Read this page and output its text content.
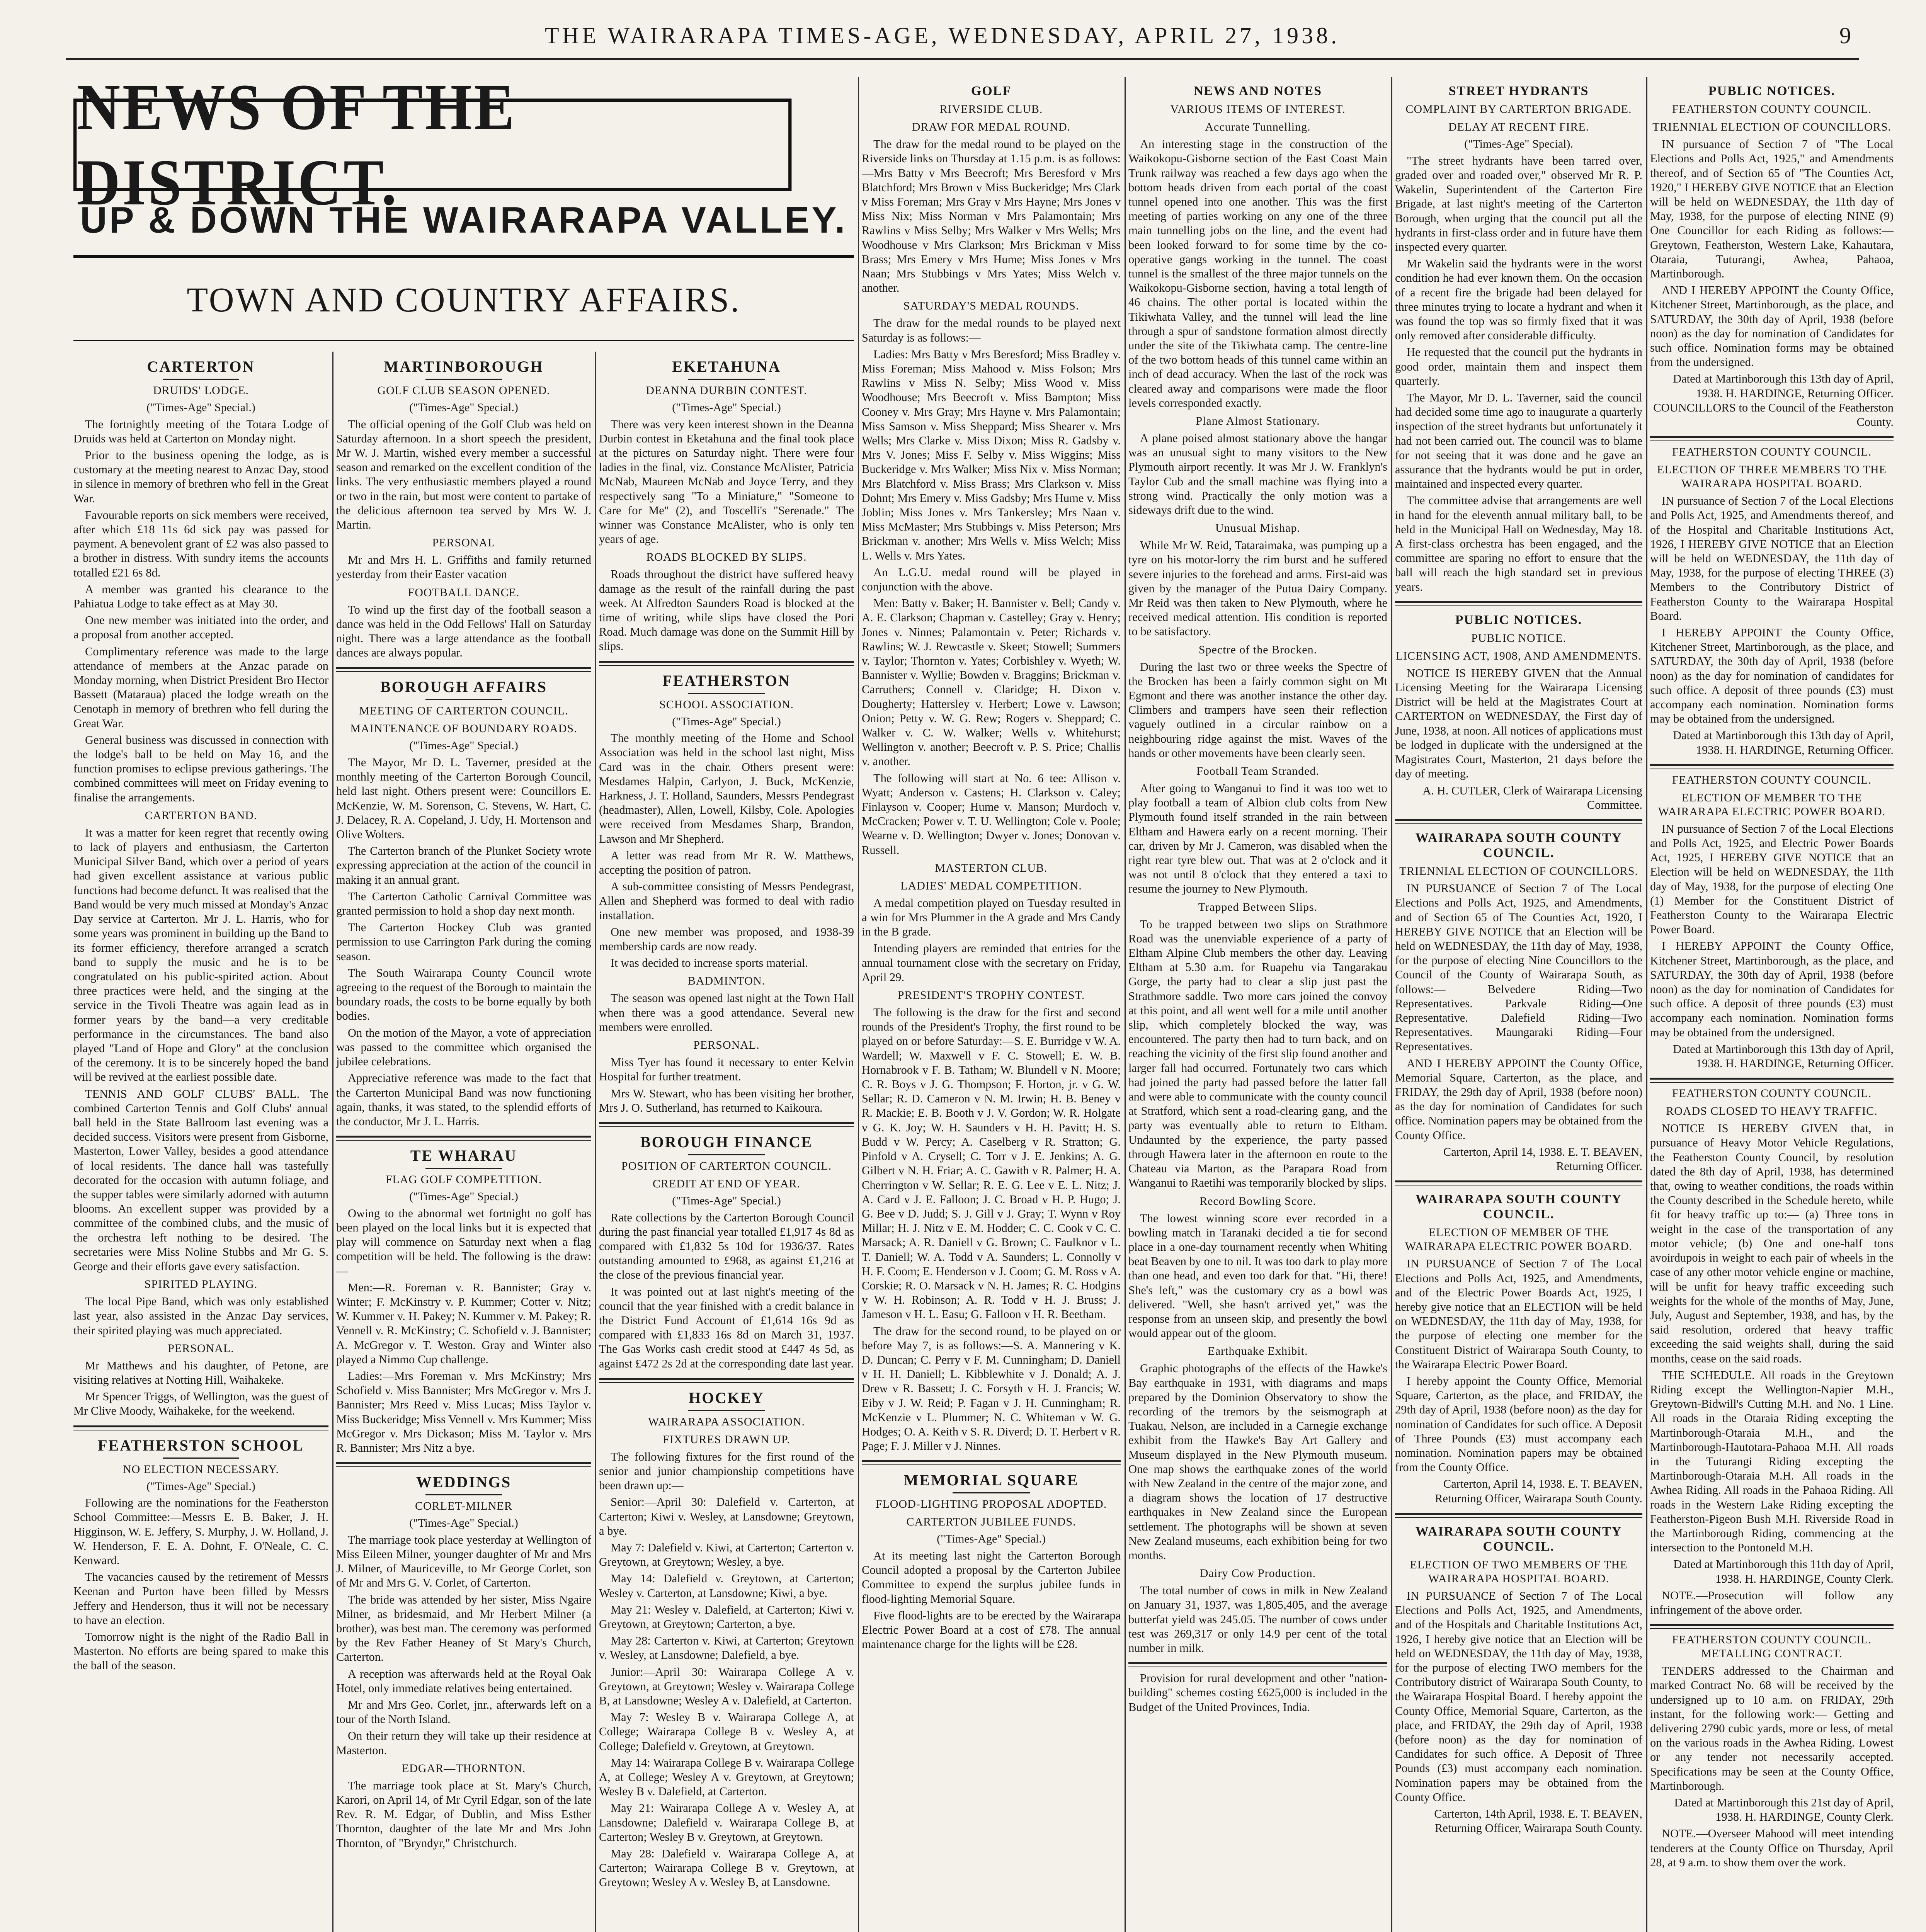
THE WAIRARAPA TIMES-AGE, WEDNESDAY, APRIL 27, 1938.	9
NEWS OF THE DISTRICT.
UP & DOWN THE WAIRARAPA VALLEY.
TOWN AND COUNTRY AFFAIRS.
CARTERTON
DRUIDS' LODGE.

("Times-Age" Special.)

The fortnightly meeting of the Totara Lodge of Druids was held at Carterton on Monday night.

Prior to the business opening the lodge, as is customary at the meeting nearest to Anzac Day, stood in silence in memory of brethren who fell in the Great War.

Favourable reports on sick members were received, after which £18 11s 6d sick pay was passed for payment. A benevolent grant of £2 was also passed to a brother in distress. With sundry items the accounts totalled £21 6s 8d.

A member was granted his clearance to the Pahiatua Lodge to take effect as at May 30.

One new member was initiated into the order, and a proposal from another accepted.

Complimentary reference was made to the large attendance of members at the Anzac parade on Monday morning, when District President Bro Hector Bassett (Mataraua) placed the lodge wreath on the Cenotaph in memory of brethren who fell during the Great War.

General business was discussed in connection with the lodge's ball to be held on May 16, and the function promises to eclipse previous gatherings. The combined committees will meet on Friday evening to finalise the arrangements.

CARTERTON BAND.

It was a matter for keen regret that recently owing to lack of players and enthusiasm, the Carterton Municipal Silver Band, which over a period of years had given excellent assistance at various public functions had become defunct. It was realised that the Band would be very much missed at Monday's Anzac Day service at Carterton. Mr J. L. Harris, who for some years was prominent in building up the Band to its former efficiency, therefore arranged a scratch band to supply the music and he is to be congratulated on his public-spirited action. About three practices were held, and the singing at the service in the Tivoli Theatre was again lead as in former years by the band—a very creditable performance in the circumstances. The band also played "Land of Hope and Glory" at the conclusion of the ceremony. It is to be sincerely hoped the band will be revived at the earliest possible date.

TENNIS AND GOLF CLUBS' BALL. The combined Carterton Tennis and Golf Clubs' annual ball held in the State Ballroom last evening was a decided success. Visitors were present from Gisborne, Masterton, Lower Valley, besides a good attendance of local residents. The dance hall was tastefully decorated for the occasion with autumn foliage, and the supper tables were similarly adorned with autumn blooms. An excellent supper was provided by a committee of the combined clubs, and the music of the orchestra left nothing to be desired. The secretaries were Miss Noline Stubbs and Mr G. S. George and their efforts gave every satisfaction.

SPIRITED PLAYING.

The local Pipe Band, which was only established last year, also assisted in the Anzac Day services, their spirited playing was much appreciated.

PERSONAL.

Mr Matthews and his daughter, of Petone, are visiting relatives at Notting Hill, Waihakeke.

Mr Spencer Triggs, of Wellington, was the guest of Mr Clive Moody, Waihakeke, for the weekend.

FEATHERSTON SCHOOL
NO ELECTION NECESSARY.

("Times-Age" Special.)

Following are the nominations for the Featherston School Committee:—Messrs E. B. Baker, J. H. Higginson, W. E. Jeffery, S. Murphy, J. W. Holland, J. W. Henderson, F. E. A. Dohnt, F. O'Neale, C. C. Kenward.

The vacancies caused by the retirement of Messrs Keenan and Purton have been filled by Messrs Jeffery and Henderson, thus it will not be necessary to have an election.

Tomorrow night is the night of the Radio Ball in Masterton. No efforts are being spared to make this the ball of the season.

MARTINBOROUGH
GOLF CLUB SEASON OPENED.

("Times-Age" Special.)

The official opening of the Golf Club was held on Saturday afternoon. In a short speech the president, Mr W. J. Martin, wished every member a successful season and remarked on the excellent condition of the links. The very enthusiastic members played a round or two in the rain, but most were content to partake of the delicious afternoon tea served by Mrs W. J. Martin.

PERSONAL

Mr and Mrs H. L. Griffiths and family returned yesterday from their Easter vacation

FOOTBALL DANCE.

To wind up the first day of the football season a dance was held in the Odd Fellows' Hall on Saturday night. There was a large attendance as the football dances are always popular.

BOROUGH AFFAIRS
MEETING OF CARTERTON COUNCIL.
MAINTENANCE OF BOUNDARY ROADS.

("Times-Age" Special.)

The Mayor, Mr D. L. Taverner, presided at the monthly meeting of the Carterton Borough Council, held last night. Others present were: Councillors E. McKenzie, W. M. Sorenson, C. Stevens, W. Hart, C. J. Delacey, R. A. Copeland, J. Udy, H. Mortenson and Olive Wolters.

The Carterton branch of the Plunket Society wrote expressing appreciation at the action of the council in making it an annual grant.

The Carterton Catholic Carnival Committee was granted permission to hold a shop day next month.

The Carterton Hockey Club was granted permission to use Carrington Park during the coming season.

The South Wairarapa County Council wrote agreeing to the request of the Borough to maintain the boundary roads, the costs to be borne equally by both bodies.

On the motion of the Mayor, a vote of appreciation was passed to the committee which organised the jubilee celebrations.

Appreciative reference was made to the fact that the Carterton Municipal Band was now functioning again, thanks, it was stated, to the splendid efforts of the conductor, Mr J. L. Harris.

TE WHARAU
FLAG GOLF COMPETITION.

("Times-Age" Special.)

Owing to the abnormal wet fortnight no golf has been played on the local links but it is expected that play will commence on Saturday next when a flag competition will be held. The following is the draw:—

Men:—R. Foreman v. R. Bannister; Gray v. Winter; F. McKinstry v. P. Kummer; Cotter v. Nitz; W. Kummer v. H. Pakey; N. Kummer v. M. Pakey; R. Vennell v. R. McKinstry; C. Schofield v. J. Bannister; A. McGregor v. T. Weston. Gray and Winter also played a Nimmo Cup challenge.

Ladies:—Mrs Foreman v. Mrs McKinstry; Mrs Schofield v. Miss Bannister; Mrs McGregor v. Mrs J. Bannister; Mrs Reed v. Miss Lucas; Miss Taylor v. Miss Buckeridge; Miss Vennell v. Mrs Kummer; Miss McGregor v. Mrs Dickason; Miss M. Taylor v. Mrs R. Bannister; Mrs Nitz a bye.

WEDDINGS
CORLET-MILNER

("Times-Age" Special.)

The marriage took place yesterday at Wellington of Miss Eileen Milner, younger daughter of Mr and Mrs J. Milner, of Mauriceville, to Mr George Corlet, son of Mr and Mrs G. V. Corlet, of Carterton.

The bride was attended by her sister, Miss Ngaire Milner, as bridesmaid, and Mr Herbert Milner (a brother), was best man. The ceremony was performed by the Rev Father Heaney of St Mary's Church, Carterton.

A reception was afterwards held at the Royal Oak Hotel, only immediate relatives being entertained.

Mr and Mrs Geo. Corlet, jnr., afterwards left on a tour of the North Island.

On their return they will take up their residence at Masterton.

EDGAR—THORNTON.

The marriage took place at St. Mary's Church, Karori, on April 14, of Mr Cyril Edgar, son of the late Rev. R. M. Edgar, of Dublin, and Miss Esther Thornton, daughter of the late Mr and Mrs John Thornton, of "Bryndyr," Christchurch.

EKETAHUNA
DEANNA DURBIN CONTEST.

("Times-Age" Special.)

There was very keen interest shown in the Deanna Durbin contest in Eketahuna and the final took place at the pictures on Saturday night. There were four ladies in the final, viz. Constance McAlister, Patricia McNab, Maureen McNab and Joyce Terry, and they respectively sang "To a Miniature," "Someone to Care for Me" (2), and Toscelli's "Serenade." The winner was Constance McAlister, who is only ten years of age.

ROADS BLOCKED BY SLIPS.

Roads throughout the district have suffered heavy damage as the result of the rainfall during the past week. At Alfredton Saunders Road is blocked at the time of writing, while slips have closed the Pori Road. Much damage was done on the Summit Hill by slips.

FEATHERSTON
SCHOOL ASSOCIATION.

("Times-Age" Special.)

The monthly meeting of the Home and School Association was held in the school last night, Miss Card was in the chair. Others present were: Mesdames Halpin, Carlyon, J. Buck, McKenzie, Harkness, J. T. Holland, Saunders, Messrs Pendegrast (headmaster), Allen, Lowell, Kilsby, Cole. Apologies were received from Mesdames Sharp, Brandon, Lawson and Mr Shepherd.

A letter was read from Mr R. W. Matthews, accepting the position of patron.

A sub-committee consisting of Messrs Pendegrast, Allen and Shepherd was formed to deal with radio installation.

One new member was proposed, and 1938-39 membership cards are now ready.

It was decided to increase sports material.

BADMINTON.

The season was opened last night at the Town Hall when there was a good attendance. Several new members were enrolled.

PERSONAL.

Miss Tyer has found it necessary to enter Kelvin Hospital for further treatment.

Mrs W. Stewart, who has been visiting her brother, Mrs J. O. Sutherland, has returned to Kaikoura.

BOROUGH FINANCE
POSITION OF CARTERTON COUNCIL.
CREDIT AT END OF YEAR.

("Times-Age" Special.)

Rate collections by the Carterton Borough Council during the past financial year totalled £1,917 4s 8d as compared with £1,832 5s 10d for 1936/37. Rates outstanding amounted to £968, as against £1,216 at the close of the previous financial year.

It was pointed out at last night's meeting of the council that the year finished with a credit balance in the District Fund Account of £1,614 16s 9d as compared with £1,833 16s 8d on March 31, 1937. The Gas Works cash credit stood at £447 4s 5d, as against £472 2s 2d at the corresponding date last year.

HOCKEY
WAIRARAPA ASSOCIATION.
FIXTURES DRAWN UP.

The following fixtures for the first round of the senior and junior championship competitions have been drawn up:—

Senior:—April 30: Dalefield v. Carterton, at Carterton; Kiwi v. Wesley, at Lansdowne; Greytown, a bye.

May 7: Dalefield v. Kiwi, at Carterton; Carterton v. Greytown, at Greytown; Wesley, a bye.

May 14: Dalefield v. Greytown, at Carterton; Wesley v. Carterton, at Lansdowne; Kiwi, a bye.

May 21: Wesley v. Dalefield, at Carterton; Kiwi v. Greytown, at Greytown; Carterton, a bye.

May 28: Carterton v. Kiwi, at Carterton; Greytown v. Wesley, at Lansdowne; Dalefield, a bye.

Junior:—April 30: Wairarapa College A v. Greytown, at Greytown; Wesley v. Wairarapa College B, at Lansdowne; Wesley A v. Dalefield, at Carterton.

May 7: Wesley B v. Wairarapa College A, at College; Wairarapa College B v. Wesley A, at College; Dalefield v. Greytown, at Greytown.

May 14: Wairarapa College B v. Wairarapa College A, at College; Wesley A v. Greytown, at Greytown; Wesley B v. Dalefield, at Carterton.

May 21: Wairarapa College A v. Wesley A, at Lansdowne; Dalefield v. Wairarapa College B, at Carterton; Wesley B v. Greytown, at Greytown.

May 28: Dalefield v. Wairarapa College A, at Carterton; Wairarapa College B v. Greytown, at Greytown; Wesley A v. Wesley B, at Lansdowne.

GOLF
RIVERSIDE CLUB.
DRAW FOR MEDAL ROUND.

The draw for the medal round to be played on the Riverside links on Thursday at 1.15 p.m. is as follows:—Mrs Batty v Mrs Beecroft; Mrs Beresford v Mrs Blatchford; Mrs Brown v Miss Buckeridge; Mrs Clark v Miss Foreman; Mrs Gray v Mrs Hayne; Mrs Jones v Miss Nix; Miss Norman v Mrs Palamontain; Mrs Rawlins v Miss Selby; Mrs Walker v Mrs Wells; Mrs Woodhouse v Mrs Clarkson; Mrs Brickman v Miss Brass; Mrs Emery v Mrs Hume; Miss Jones v Mrs Naan; Mrs Stubbings v Mrs Yates; Miss Welch v. another.

SATURDAY'S MEDAL ROUNDS.

The draw for the medal rounds to be played next Saturday is as follows:—

Ladies: Mrs Batty v Mrs Beresford; Miss Bradley v. Miss Foreman; Miss Mahood v. Miss Folson; Mrs Rawlins v Miss N. Selby; Miss Wood v. Miss Woodhouse; Mrs Beecroft v. Miss Bampton; Miss Cooney v. Mrs Gray; Mrs Hayne v. Mrs Palamontain; Miss Samson v. Miss Sheppard; Miss Shearer v. Mrs Wells; Mrs Clarke v. Miss Dixon; Miss R. Gadsby v. Mrs V. Jones; Miss F. Selby v. Miss Wiggins; Miss Buckeridge v. Mrs Walker; Miss Nix v. Miss Norman; Mrs Blatchford v. Miss Brass; Mrs Clarkson v. Miss Dohnt; Mrs Emery v. Miss Gadsby; Mrs Hume v. Miss Joblin; Miss Jones v. Mrs Tankersley; Mrs Naan v. Miss McMaster; Mrs Stubbings v. Miss Peterson; Mrs Brickman v. another; Mrs Wells v. Miss Welch; Miss L. Wells v. Mrs Yates.

An L.G.U. medal round will be played in conjunction with the above.

Men: Batty v. Baker; H. Bannister v. Bell; Candy v. A. E. Clarkson; Chapman v. Castelley; Gray v. Henry; Jones v. Ninnes; Palamontain v. Peter; Richards v. Rawlins; W. J. Rewcastle v. Skeet; Stowell; Summers v. Taylor; Thornton v. Yates; Corbishley v. Wyeth; W. Bannister v. Wyllie; Bowden v. Braggins; Brickman v. Carruthers; Connell v. Claridge; H. Dixon v. Dougherty; Hattersley v. Herbert; Lowe v. Lawson; Onion; Petty v. W. G. Rew; Rogers v. Sheppard; C. Walker v. C. W. Walker; Wells v. Whitehurst; Wellington v. another; Beecroft v. P. S. Price; Challis v. another.

The following will start at No. 6 tee: Allison v. Wyatt; Anderson v. Castens; H. Clarkson v. Caley; Finlayson v. Cooper; Hume v. Manson; Murdoch v. McCracken; Power v. T. U. Wellington; Cole v. Poole; Wearne v. D. Wellington; Dwyer v. Jones; Donovan v. Russell.

MASTERTON CLUB.
LADIES' MEDAL COMPETITION.

A medal competition played on Tuesday resulted in a win for Mrs Plummer in the A grade and Mrs Candy in the B grade.

Intending players are reminded that entries for the annual tournament close with the secretary on Friday, April 29.

PRESIDENT'S TROPHY CONTEST.

The following is the draw for the first and second rounds of the President's Trophy, the first round to be played on or before Saturday:—S. E. Burridge v W. A. Wardell; W. Maxwell v F. C. Stowell; E. W. B. Hornabrook v F. B. Tatham; W. Blundell v N. Moore; C. R. Boys v J. G. Thompson; F. Horton, jr. v G. W. Sellar; R. D. Cameron v N. M. Irwin; H. B. Beney v R. Mackie; E. B. Booth v J. V. Gordon; W. R. Holgate v G. K. Joy; W. H. Saunders v H. H. Pavitt; H. S. Budd v W. Percy; A. Caselberg v R. Stratton; G. Pinfold v A. Crysell; C. Torr v J. E. Jenkins; A. G. Gilbert v N. H. Friar; A. C. Gawith v R. Palmer; H. A. Cherrington v W. Sellar; R. E. G. Lee v E. L. Nitz; J. A. Card v J. E. Falloon; J. C. Broad v H. P. Hugo; J. G. Bee v D. Judd; S. J. Gill v J. Gray; T. Wynn v Roy Millar; H. J. Nitz v E. M. Hodder; C. C. Cook v C. C. Marsack; A. R. Daniell v G. Brown; C. Faulknor v L. T. Daniell; W. A. Todd v A. Saunders; L. Connolly v H. F. Coom; E. Henderson v J. Coom; G. M. Ross v A. Corskie; R. O. Marsack v N. H. James; R. C. Hodgins v W. H. Robinson; A. R. Todd v H. J. Bruss; J. Jameson v H. L. Easu; G. Falloon v H. R. Beetham.

The draw for the second round, to be played on or before May 7, is as follows:—S. A. Mannering v K. D. Duncan; C. Perry v F. M. Cunningham; D. Daniell v H. H. Daniell; L. Kibblewhite v J. Donald; A. J. Drew v R. Bassett; J. C. Forsyth v H. J. Francis; W. Eiby v J. W. Reid; P. Fagan v J. H. Cunningham; R. McKenzie v L. Plummer; N. C. Whiteman v W. G. Hodges; O. A. Keith v S. R. Diverd; D. T. Herbert v R. Page; F. J. Miller v J. Ninnes.

MEMORIAL SQUARE
FLOOD-LIGHTING PROPOSAL ADOPTED.
CARTERTON JUBILEE FUNDS.

("Times-Age" Special.)

At its meeting last night the Carterton Borough Council adopted a proposal by the Carterton Jubilee Committee to expend the surplus jubilee funds in flood-lighting Memorial Square.

Five flood-lights are to be erected by the Wairarapa Electric Power Board at a cost of £78. The annual maintenance charge for the lights will be £28.

NEWS AND NOTES
VARIOUS ITEMS OF INTEREST.
Accurate Tunnelling.

An interesting stage in the construction of the Waikokopu-Gisborne section of the East Coast Main Trunk railway was reached a few days ago when the bottom heads driven from each portal of the coast tunnel opened into one another. This was the first meeting of parties working on any one of the three main tunnelling jobs on the line, and the event had been looked forward to for some time by the co-operative gangs working in the tunnel. The coast tunnel is the smallest of the three major tunnels on the Waikokopu-Gisborne section, having a total length of 46 chains. The other portal is located within the Tikiwhata Valley, and the tunnel will lead the line through a spur of sandstone formation almost directly under the site of the Tikiwhata camp. The centre-line of the two bottom heads of this tunnel came within an inch of dead accuracy. When the last of the rock was cleared away and comparisons were made the floor levels corresponded exactly.

Plane Almost Stationary.

A plane poised almost stationary above the hangar was an unusual sight to many visitors to the New Plymouth airport recently. It was Mr J. W. Franklyn's Taylor Cub and the small machine was flying into a strong wind. Practically the only motion was a sideways drift due to the wind.

Unusual Mishap.

While Mr W. Reid, Tataraimaka, was pumping up a tyre on his motor-lorry the rim burst and he suffered severe injuries to the forehead and arms. First-aid was given by the manager of the Putua Dairy Company. Mr Reid was then taken to New Plymouth, where he received medical attention. His condition is reported to be satisfactory.

Spectre of the Brocken.

During the last two or three weeks the Spectre of the Brocken has been a fairly common sight on Mt Egmont and there was another instance the other day. Climbers and trampers have seen their reflection vaguely outlined in a circular rainbow on a neighbouring ridge against the mist. Waves of the hands or other movements have been clearly seen.

Football Team Stranded.

After going to Wanganui to find it was too wet to play football a team of Albion club colts from New Plymouth found itself stranded in the rain between Eltham and Hawera early on a recent morning. Their car, driven by Mr J. Cameron, was disabled when the right rear tyre blew out. That was at 2 o'clock and it was not until 8 o'clock that they entered a taxi to resume the journey to New Plymouth.

Trapped Between Slips.

To be trapped between two slips on Strathmore Road was the unenviable experience of a party of Eltham Alpine Club members the other day. Leaving Eltham at 5.30 a.m. for Ruapehu via Tangarakau Gorge, the party had to clear a slip just past the Strathmore saddle. Two more cars joined the convoy at this point, and all went well for a mile until another slip, which completely blocked the way, was encountered. The party then had to turn back, and on reaching the vicinity of the first slip found another and larger fall had occurred. Fortunately two cars which had joined the party had passed before the latter fall and were able to communicate with the county council at Stratford, which sent a road-clearing gang, and the party was eventually able to return to Eltham. Undaunted by the experience, the party passed through Hawera later in the afternoon en route to the Chateau via Marton, as the Parapara Road from Wanganui to Raetihi was temporarily blocked by slips.

Record Bowling Score.

The lowest winning score ever recorded in a bowling match in Taranaki decided a tie for second place in a one-day tournament recently when Whiting beat Beaven by one to nil. It was too dark to play more than one head, and even too dark for that. "Hi, there! She's left," was the customary cry as a bowl was delivered. "Well, she hasn't arrived yet," was the response from an unseen skip, and presently the bowl would appear out of the gloom.

Earthquake Exhibit.

Graphic photographs of the effects of the Hawke's Bay earthquake in 1931, with diagrams and maps prepared by the Dominion Observatory to show the recording of the tremors by the seismograph at Tuakau, Nelson, are included in a Carnegie exchange exhibit from the Hawke's Bay Art Gallery and Museum displayed in the New Plymouth museum. One map shows the earthquake zones of the world with New Zealand in the centre of the major zone, and a diagram shows the location of 17 destructive earthquakes in New Zealand since the European settlement. The photographs will be shown at seven New Zealand museums, each exhibition being for two months.

Dairy Cow Production.

The total number of cows in milk in New Zealand on January 31, 1937, was 1,805,405, and the average butterfat yield was 245.05. The number of cows under test was 269,317 or only 14.9 per cent of the total number in milk.

Provision for rural development and other "nation-building" schemes costing £625,000 is included in the Budget of the United Provinces, India.

STREET HYDRANTS
COMPLAINT BY CARTERTON BRIGADE.
DELAY AT RECENT FIRE.

("Times-Age" Special).

"The street hydrants have been tarred over, graded over and roaded over," observed Mr R. P. Wakelin, Superintendent of the Carterton Fire Brigade, at last night's meeting of the Carterton Borough, when urging that the council put all the hydrants in first-class order and in future have them inspected every quarter.

Mr Wakelin said the hydrants were in the worst condition he had ever known them. On the occasion of a recent fire the brigade had been delayed for three minutes trying to locate a hydrant and when it was found the top was so firmly fixed that it was only removed after considerable difficulty.

He requested that the council put the hydrants in good order, maintain them and inspect them quarterly.

The Mayor, Mr D. L. Taverner, said the council had decided some time ago to inaugurate a quarterly inspection of the street hydrants but unfortunately it had not been carried out. The council was to blame for not seeing that it was done and he gave an assurance that the hydrants would be put in order, maintained and inspected every quarter.

The committee advise that arrangements are well in hand for the eleventh annual military ball, to be held in the Municipal Hall on Wednesday, May 18. A first-class orchestra has been engaged, and the committee are sparing no effort to ensure that the ball will reach the high standard set in previous years.

PUBLIC NOTICES.
PUBLIC NOTICE.
LICENSING ACT, 1908, AND AMENDMENTS.

NOTICE IS HEREBY GIVEN that the Annual Licensing Meeting for the Wairarapa Licensing District will be held at the Magistrates Court at CARTERTON on WEDNESDAY, the First day of June, 1938, at noon. All notices of applications must be lodged in duplicate with the undersigned at the Magistrates Court, Masterton, 21 days before the day of meeting.

A. H. CUTLER, Clerk of Wairarapa Licensing Committee.

WAIRARAPA SOUTH COUNTY COUNCIL.
TRIENNIAL ELECTION OF COUNCILLORS.

IN PURSUANCE of Section 7 of The Local Elections and Polls Act, 1925, and Amendments, and of Section 65 of The Counties Act, 1920, I HEREBY GIVE NOTICE that an Election will be held on WEDNESDAY, the 11th day of May, 1938, for the purpose of electing Nine Councillors to the Council of the County of Wairarapa South, as follows:— Belvedere Riding—Two Representatives. Parkvale Riding—One Representative. Dalefield Riding—Two Representatives. Maungaraki Riding—Four Representatives.

AND I HEREBY APPOINT the County Office, Memorial Square, Carterton, as the place, and FRIDAY, the 29th day of April, 1938 (before noon) as the day for nomination of Candidates for such office. Nomination papers may be obtained from the County Office.

Carterton, April 14, 1938. E. T. BEAVEN, Returning Officer.

WAIRARAPA SOUTH COUNTY COUNCIL.
ELECTION OF MEMBER OF THE WAIRARAPA ELECTRIC POWER BOARD.

IN PURSUANCE of Section 7 of The Local Elections and Polls Act, 1925, and Amendments, and of the Electric Power Boards Act, 1925, I hereby give notice that an ELECTION will be held on WEDNESDAY, the 11th day of May, 1938, for the purpose of electing one member for the Constituent District of Wairarapa South County, to the Wairarapa Electric Power Board.

I hereby appoint the County Office, Memorial Square, Carterton, as the place, and FRIDAY, the 29th day of April, 1938 (before noon) as the day for nomination of Candidates for such office. A Deposit of Three Pounds (£3) must accompany each nomination. Nomination papers may be obtained from the County Office.

Carterton, April 14, 1938. E. T. BEAVEN, Returning Officer, Wairarapa South County.

WAIRARAPA SOUTH COUNTY COUNCIL.
ELECTION OF TWO MEMBERS OF THE WAIRARAPA HOSPITAL BOARD.

IN PURSUANCE of Section 7 of The Local Elections and Polls Act, 1925, and Amendments, and of the Hospitals and Charitable Institutions Act, 1926, I hereby give notice that an Election will be held on WEDNESDAY, the 11th day of May, 1938, for the purpose of electing TWO members for the Contributory district of Wairarapa South County, to the Wairarapa Hospital Board. I hereby appoint the County Office, Memorial Square, Carterton, as the place, and FRIDAY, the 29th day of April, 1938 (before noon) as the day for nomination of Candidates for such office. A Deposit of Three Pounds (£3) must accompany each nomination. Nomination papers may be obtained from the County Office.

Carterton, 14th April, 1938. E. T. BEAVEN, Returning Officer, Wairarapa South County.

PUBLIC NOTICES.
FEATHERSTON COUNTY COUNCIL.
TRIENNIAL ELECTION OF COUNCILLORS.

IN pursuance of Section 7 of "The Local Elections and Polls Act, 1925," and Amendments thereof, and of Section 65 of "The Counties Act, 1920," I HEREBY GIVE NOTICE that an Election will be held on WEDNESDAY, the 11th day of May, 1938, for the purpose of electing NINE (9) One Councillor for each Riding as follows:— Greytown, Featherston, Western Lake, Kahautara, Otaraia, Tuturangi, Awhea, Pahaoa, Martinborough.

AND I HEREBY APPOINT the County Office, Kitchener Street, Martinborough, as the place, and SATURDAY, the 30th day of April, 1938 (before noon) as the day for nomination of Candidates for such office. Nomination forms may be obtained from the undersigned.

Dated at Martinborough this 13th day of April, 1938. H. HARDINGE, Returning Officer. COUNCILLORS to the Council of the Featherston County.

FEATHERSTON COUNTY COUNCIL.
ELECTION OF THREE MEMBERS TO THE WAIRARAPA HOSPITAL BOARD.

IN pursuance of Section 7 of the Local Elections and Polls Act, 1925, and Amendments thereof, and of the Hospital and Charitable Institutions Act, 1926, I HEREBY GIVE NOTICE that an Election will be held on WEDNESDAY, the 11th day of May, 1938, for the purpose of electing THREE (3) Members to the Contributory District of Featherston County to the Wairarapa Hospital Board.

I HEREBY APPOINT the County Office, Kitchener Street, Martinborough, as the place, and SATURDAY, the 30th day of April, 1938 (before noon) as the day for nomination of candidates for such office. A deposit of three pounds (£3) must accompany each nomination. Nomination forms may be obtained from the undersigned.

Dated at Martinborough this 13th day of April, 1938. H. HARDINGE, Returning Officer.

FEATHERSTON COUNTY COUNCIL.
ELECTION OF MEMBER TO THE WAIRARAPA ELECTRIC POWER BOARD.

IN pursuance of Section 7 of the Local Elections and Polls Act, 1925, and Electric Power Boards Act, 1925, I HEREBY GIVE NOTICE that an Election will be held on WEDNESDAY, the 11th day of May, 1938, for the purpose of electing One (1) Member for the Constituent District of Featherston County to the Wairarapa Electric Power Board.

I HEREBY APPOINT the County Office, Kitchener Street, Martinborough, as the place, and SATURDAY, the 30th day of April, 1938 (before noon) as the day for nomination of Candidates for such office. A deposit of three pounds (£3) must accompany each nomination. Nomination forms may be obtained from the undersigned.

Dated at Martinborough this 13th day of April, 1938. H. HARDINGE, Returning Officer.

FEATHERSTON COUNTY COUNCIL.
ROADS CLOSED TO HEAVY TRAFFIC.

NOTICE IS HEREBY GIVEN that, in pursuance of Heavy Motor Vehicle Regulations, the Featherston County Council, by resolution dated the 8th day of April, 1938, has determined that, owing to weather conditions, the roads within the County described in the Schedule hereto, while fit for heavy traffic up to:— (a) Three tons in weight in the case of the transportation of any motor vehicle; (b) One and one-half tons avoirdupois in weight to each pair of wheels in the case of any other motor vehicle engine or machine, will be unfit for heavy traffic exceeding such weights for the whole of the months of May, June, July, August and September, 1938, and has, by the said resolution, ordered that heavy traffic exceeding the said weights shall, during the said months, cease on the said roads.

THE SCHEDULE. All roads in the Greytown Riding except the Wellington-Napier M.H., Greytown-Bidwill's Cutting M.H. and No. 1 Line. All roads in the Otaraia Riding excepting the Martinborough-Otaraia M.H., and the Martinborough-Hautotara-Pahaoa M.H. All roads in the Tuturangi Riding excepting the Martinborough-Otaraia M.H. All roads in the Awhea Riding. All roads in the Pahaoa Riding. All roads in the Western Lake Riding excepting the Featherston-Pigeon Bush M.H. Riverside Road in the Martinborough Riding, commencing at the intersection to the Pontoneld M.H.

Dated at Martinborough this 11th day of April, 1938. H. HARDINGE, County Clerk.

NOTE.—Prosecution will follow any infringement of the above order.

FEATHERSTON COUNTY COUNCIL. METALLING CONTRACT.

TENDERS addressed to the Chairman and marked Contract No. 68 will be received by the undersigned up to 10 a.m. on FRIDAY, 29th instant, for the following work:— Getting and delivering 2790 cubic yards, more or less, of metal on the various roads in the Awhea Riding. Lowest or any tender not necessarily accepted. Specifications may be seen at the County Office, Martinborough.

Dated at Martinborough this 21st day of April, 1938. H. HARDINGE, County Clerk.

NOTE.—Overseer Mahood will meet intending tenderers at the County Office on Thursday, April 28, at 9 a.m. to show them over the work.
